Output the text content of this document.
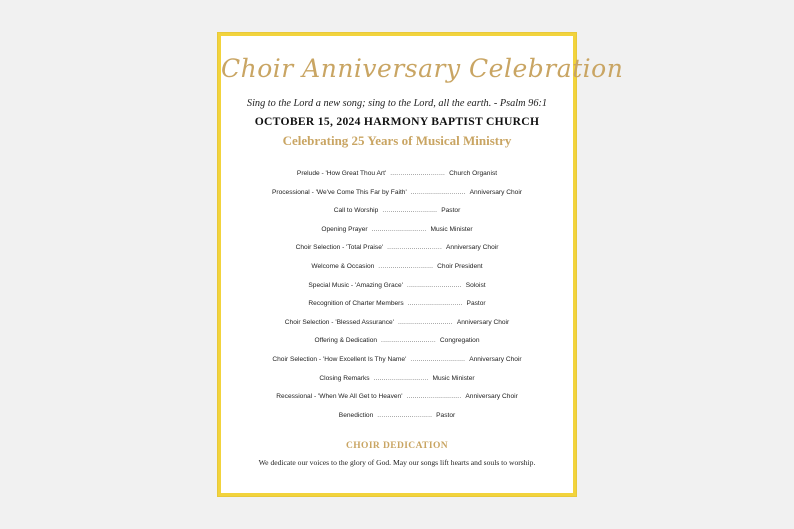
Choir Anniversary Celebration
Sing to the Lord a new song; sing to the Lord, all the earth. - Psalm 96:1
OCTOBER 15, 2024 HARMONY BAPTIST CHURCH
Celebrating 25 Years of Musical Ministry
Prelude - 'How Great Thou Art' ........................... Church Organist
Processional - 'We've Come This Far by Faith' ........................... Anniversary Choir
Call to Worship ........................... Pastor
Opening Prayer ........................... Music Minister
Choir Selection - 'Total Praise' ........................... Anniversary Choir
Welcome & Occasion ........................... Choir President
Special Music - 'Amazing Grace' ........................... Soloist
Recognition of Charter Members ........................... Pastor
Choir Selection - 'Blessed Assurance' ........................... Anniversary Choir
Offering & Dedication ........................... Congregation
Choir Selection - 'How Excellent Is Thy Name' ........................... Anniversary Choir
Closing Remarks ........................... Music Minister
Recessional - 'When We All Get to Heaven' ........................... Anniversary Choir
Benediction ........................... Pastor
CHOIR DEDICATION
We dedicate our voices to the glory of God. May our songs lift hearts and souls to worship.
